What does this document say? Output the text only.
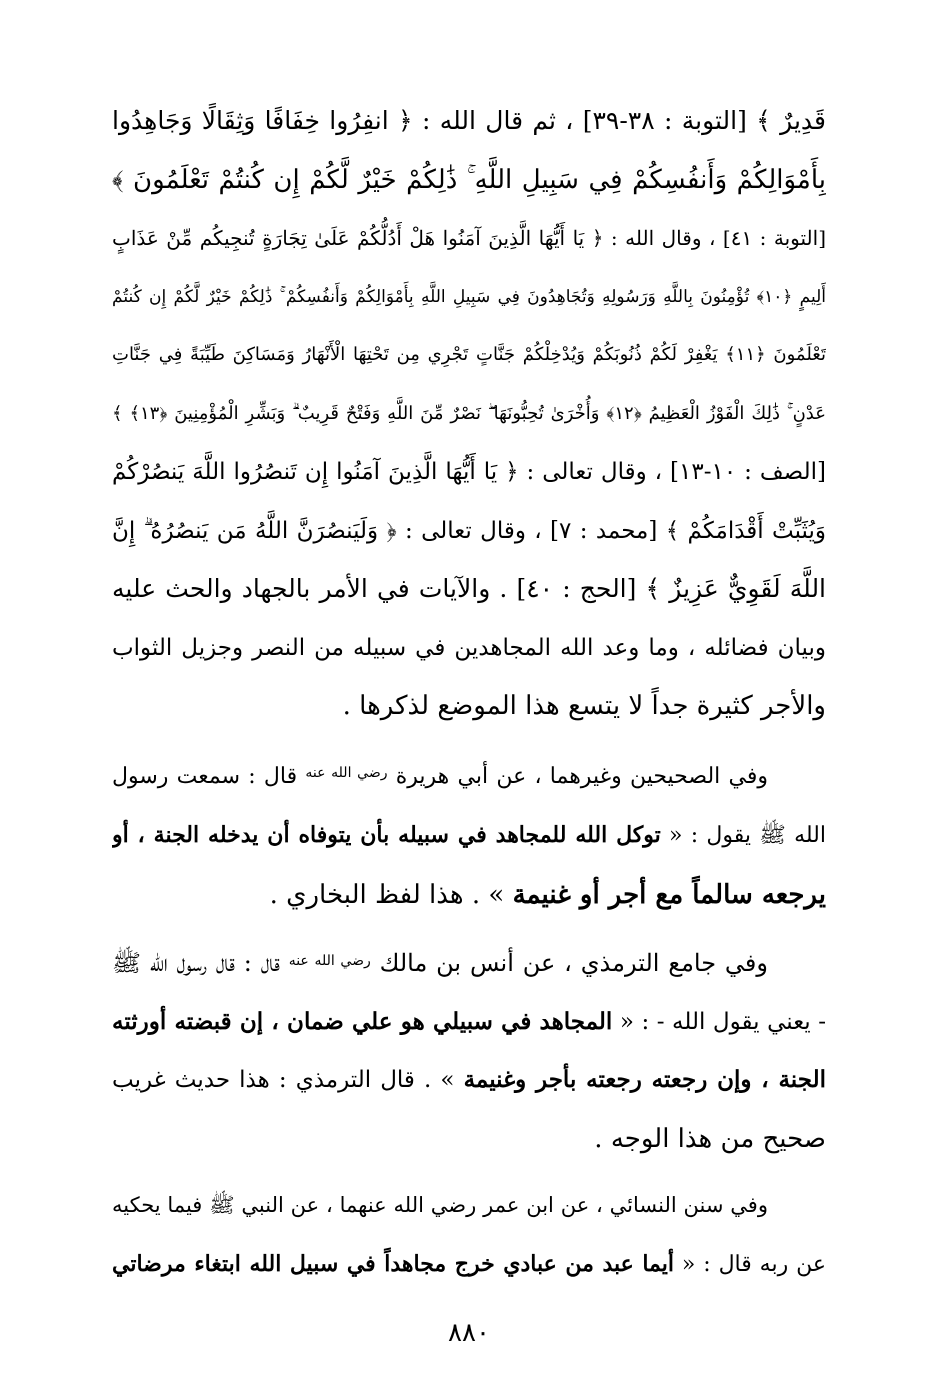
قَدِيرٌ ﴾ [التوبة : ٣٨-٣٩] ، ثم قال الله : ﴿ انفِرُوا خِفَافًا وَثِقَالًا وَجَاهِدُوا
بِأَمْوَالِكُمْ وَأَنفُسِكُمْ فِي سَبِيلِ اللَّهِ ۚ ذَٰلِكُمْ خَيْرٌ لَّكُمْ إِن كُنتُمْ تَعْلَمُونَ ﴾
[التوبة : ٤١] ، وقال الله : ﴿ يَا أَيُّهَا الَّذِينَ آمَنُوا هَلْ أَدُلُّكُمْ عَلَىٰ تِجَارَةٍ تُنجِيكُم مِّنْ عَذَابٍ
أَلِيمٍ ﴿١٠﴾ تُؤْمِنُونَ بِاللَّهِ وَرَسُولِهِ وَتُجَاهِدُونَ فِي سَبِيلِ اللَّهِ بِأَمْوَالِكُمْ وَأَنفُسِكُمْ ۚ ذَٰلِكُمْ خَيْرٌ لَّكُمْ إِن كُنتُمْ
تَعْلَمُونَ ﴿١١﴾ يَغْفِرْ لَكُمْ ذُنُوبَكُمْ وَيُدْخِلْكُمْ جَنَّاتٍ تَجْرِي مِن تَحْتِهَا الْأَنْهَارُ وَمَسَاكِنَ طَيِّبَةً فِي جَنَّاتِ
عَدْنٍ ۚ ذَٰلِكَ الْفَوْزُ الْعَظِيمُ ﴿١٢﴾ وَأُخْرَىٰ تُحِبُّونَهَا ۖ نَصْرٌ مِّنَ اللَّهِ وَفَتْحٌ قَرِيبٌ ۗ وَبَشِّرِ الْمُؤْمِنِينَ ﴿١٣﴾ ﴾
[الصف : ١٠-١٣] ، وقال تعالى : ﴿ يَا أَيُّهَا الَّذِينَ آمَنُوا إِن تَنصُرُوا اللَّهَ يَنصُرْكُمْ
وَيُثَبِّتْ أَقْدَامَكُمْ ﴾ [محمد : ٧] ، وقال تعالى : ﴿ وَلَيَنصُرَنَّ اللَّهُ مَن يَنصُرُهُ ۗ إِنَّ
اللَّهَ لَقَوِيٌّ عَزِيزٌ ﴾ [الحج : ٤٠] . والآيات في الأمر بالجهاد والحث عليه
وبيان فضائله ، وما وعد الله المجاهدين في سبيله من النصر وجزيل الثواب
والأجر كثيرة جداً لا يتسع هذا الموضع لذكرها .
وفي الصحيحين وغيرهما ، عن أبي هريرة $^{رضي الله عنه}$ قال : سمعت رسول
الله ﷺ يقول : « توكل الله للمجاهد في سبيله بأن يتوفاه أن يدخله الجنة ، أو
يرجعه سالماً مع أجر أو غنيمة » . هذا لفظ البخاري .
وفي جامع الترمذي ، عن أنس بن مالك $^{رضي الله عنه}$ قال : قال رسول الله ﷺ
- يعني يقول الله - : « المجاهد في سبيلي هو علي ضمان ، إن قبضته أورثته
الجنة ، وإن رجعته رجعته بأجر وغنيمة » . قال الترمذي : هذا حديث غريب
صحيح من هذا الوجه .
وفي سنن النسائي ، عن ابن عمر رضي الله عنهما ، عن النبي ﷺ فيما يحكيه
عن ربه قال : « أيما عبد من عبادي خرج مجاهداً في سبيل الله ابتغاء مرضاتي
٨٨٠
